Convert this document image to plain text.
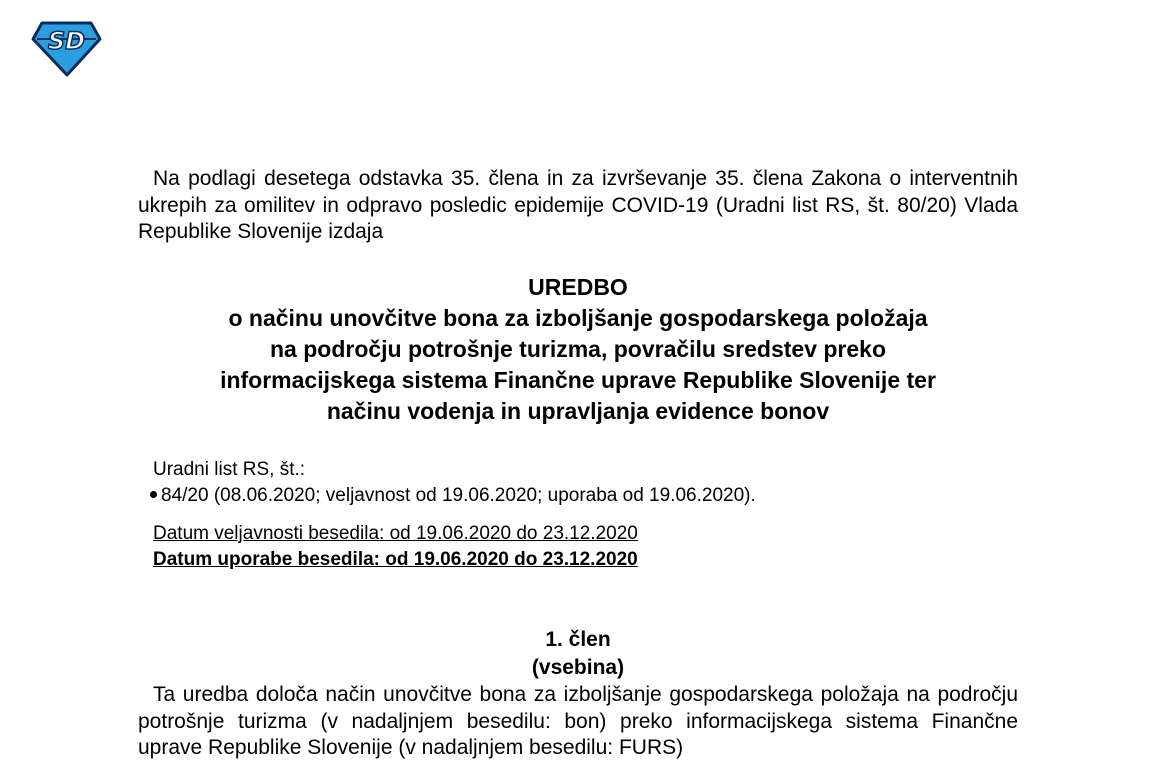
SD
Na podlagi desetega odstavka 35. člena in za izvrševanje 35. člena Zakona o interventnih ukrepih za omilitev in odpravo posledic epidemije COVID-19 (Uradni list RS, št. 80/20) Vlada Republike Slovenije izdaja
UREDBO
o načinu unovčitve bona za izboljšanje gospodarskega položaja
na področju potrošnje turizma, povračilu sredstev preko
informacijskega sistema Finančne uprave Republike Slovenije ter
načinu vodenja in upravljanja evidence bonov
Uradni list RS, št.:
84/20 (08.06.2020; veljavnost od 19.06.2020; uporaba od 19.06.2020).
Datum veljavnosti besedila: od 19.06.2020 do 23.12.2020
Datum uporabe besedila: od 19.06.2020 do 23.12.2020
1. člen
(vsebina)
Ta uredba določa način unovčitve bona za izboljšanje gospodarskega položaja na področju potrošnje turizma (v nadaljnjem besedilu: bon) preko informacijskega sistema Finančne uprave Republike Slovenije (v nadaljnjem besedilu: FURS)
